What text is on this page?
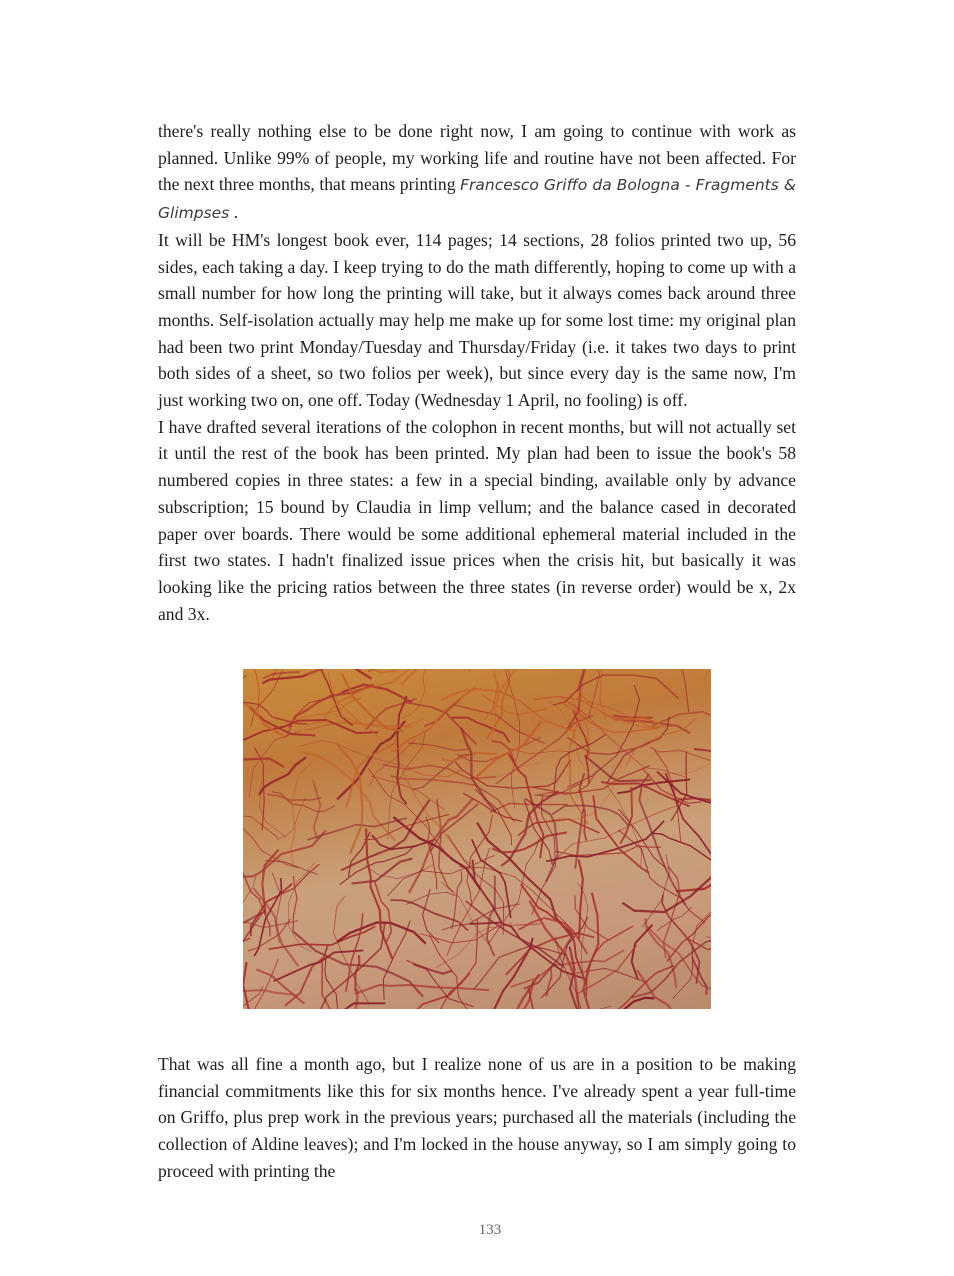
there's really nothing else to be done right now, I am going to continue with work as planned. Unlike 99% of people, my working life and routine have not been affected. For the next three months, that means printing Francesco Griffo da Bologna - Fragments & Glimpses .

It will be HM's longest book ever, 114 pages; 14 sections, 28 folios printed two up, 56 sides, each taking a day. I keep trying to do the math differently, hoping to come up with a small number for how long the printing will take, but it always comes back around three months. Self-isolation actually may help me make up for some lost time: my original plan had been two print Monday/Tuesday and Thursday/Friday (i.e. it takes two days to print both sides of a sheet, so two folios per week), but since every day is the same now, I'm just working two on, one off. Today (Wednesday 1 April, no fooling) is off.

I have drafted several iterations of the colophon in recent months, but will not actually set it until the rest of the book has been printed. My plan had been to issue the book's 58 numbered copies in three states: a few in a special binding, available only by advance subscription; 15 bound by Claudia in limp vellum; and the balance cased in decorated paper over boards. There would be some additional ephemeral material included in the first two states. I hadn't finalized issue prices when the crisis hit, but basically it was looking like the pricing ratios between the three states (in reverse order) would be x, 2x and 3x.

That was all fine a month ago, but I realize none of us are in a position to be making financial commitments like this for six months hence. I've already spent a year full-time on Griffo, plus prep work in the previous years; purchased all the materials (including the collection of Aldine leaves); and I'm locked in the house anyway, so I am simply going to proceed with printing the

133
